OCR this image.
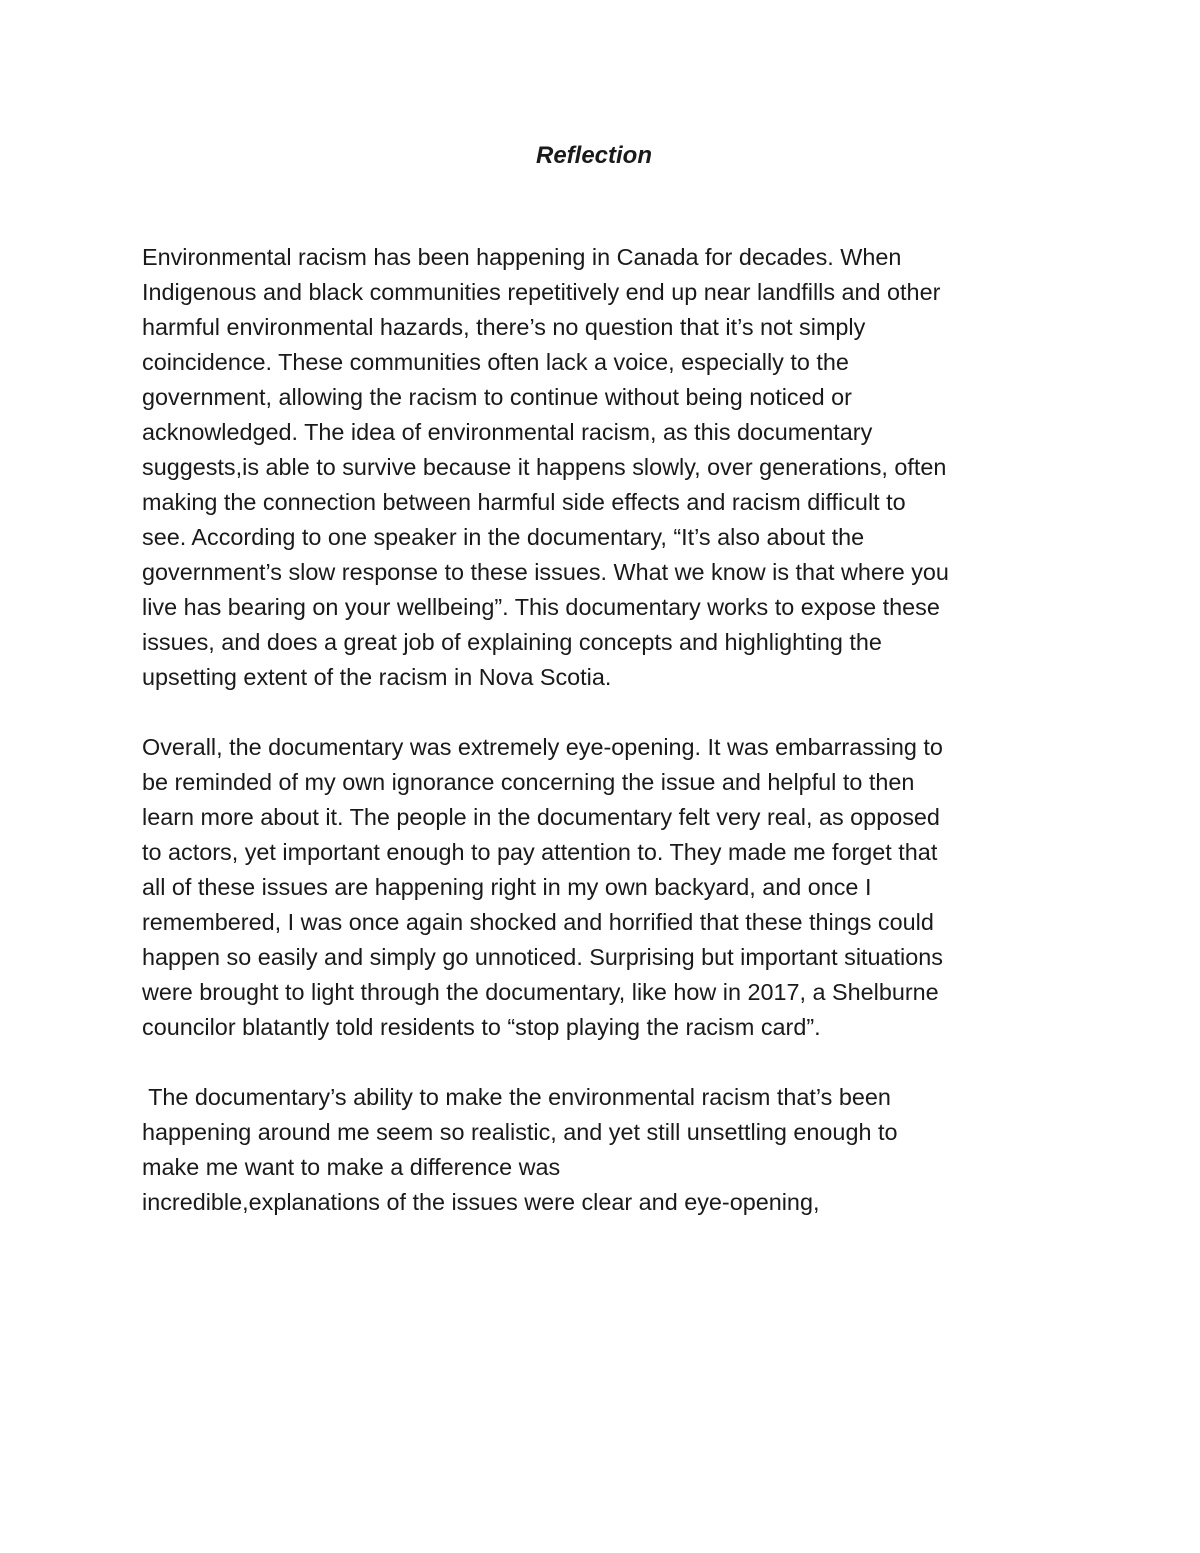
Reflection

Environmental racism has been happening in Canada for decades. When
Indigenous and black communities repetitively end up near landfills and other
harmful environmental hazards, there’s no question that it’s not simply
coincidence. These communities often lack a voice, especially to the
government, allowing the racism to continue without being noticed or
acknowledged. The idea of environmental racism, as this documentary
suggests,is able to survive because it happens slowly, over generations, often
making the connection between harmful side effects and racism difficult to
see. According to one speaker in the documentary, “It’s also about the
government’s slow response to these issues. What we know is that where you
live has bearing on your wellbeing”. This documentary works to expose these
issues, and does a great job of explaining concepts and highlighting the
upsetting extent of the racism in Nova Scotia.

Overall, the documentary was extremely eye-opening. It was embarrassing to
be reminded of my own ignorance concerning the issue and helpful to then
learn more about it. The people in the documentary felt very real, as opposed
to actors, yet important enough to pay attention to. They made me forget that
all of these issues are happening right in my own backyard, and once I
remembered, I was once again shocked and horrified that these things could
happen so easily and simply go unnoticed. Surprising but important situations
were brought to light through the documentary, like how in 2017, a Shelburne
councilor blatantly told residents to “stop playing the racism card”.

The documentary’s ability to make the environmental racism that’s been
happening around me seem so realistic, and yet still unsettling enough to
make me want to make a difference was
incredible,explanations of the issues were clear and eye-opening,
